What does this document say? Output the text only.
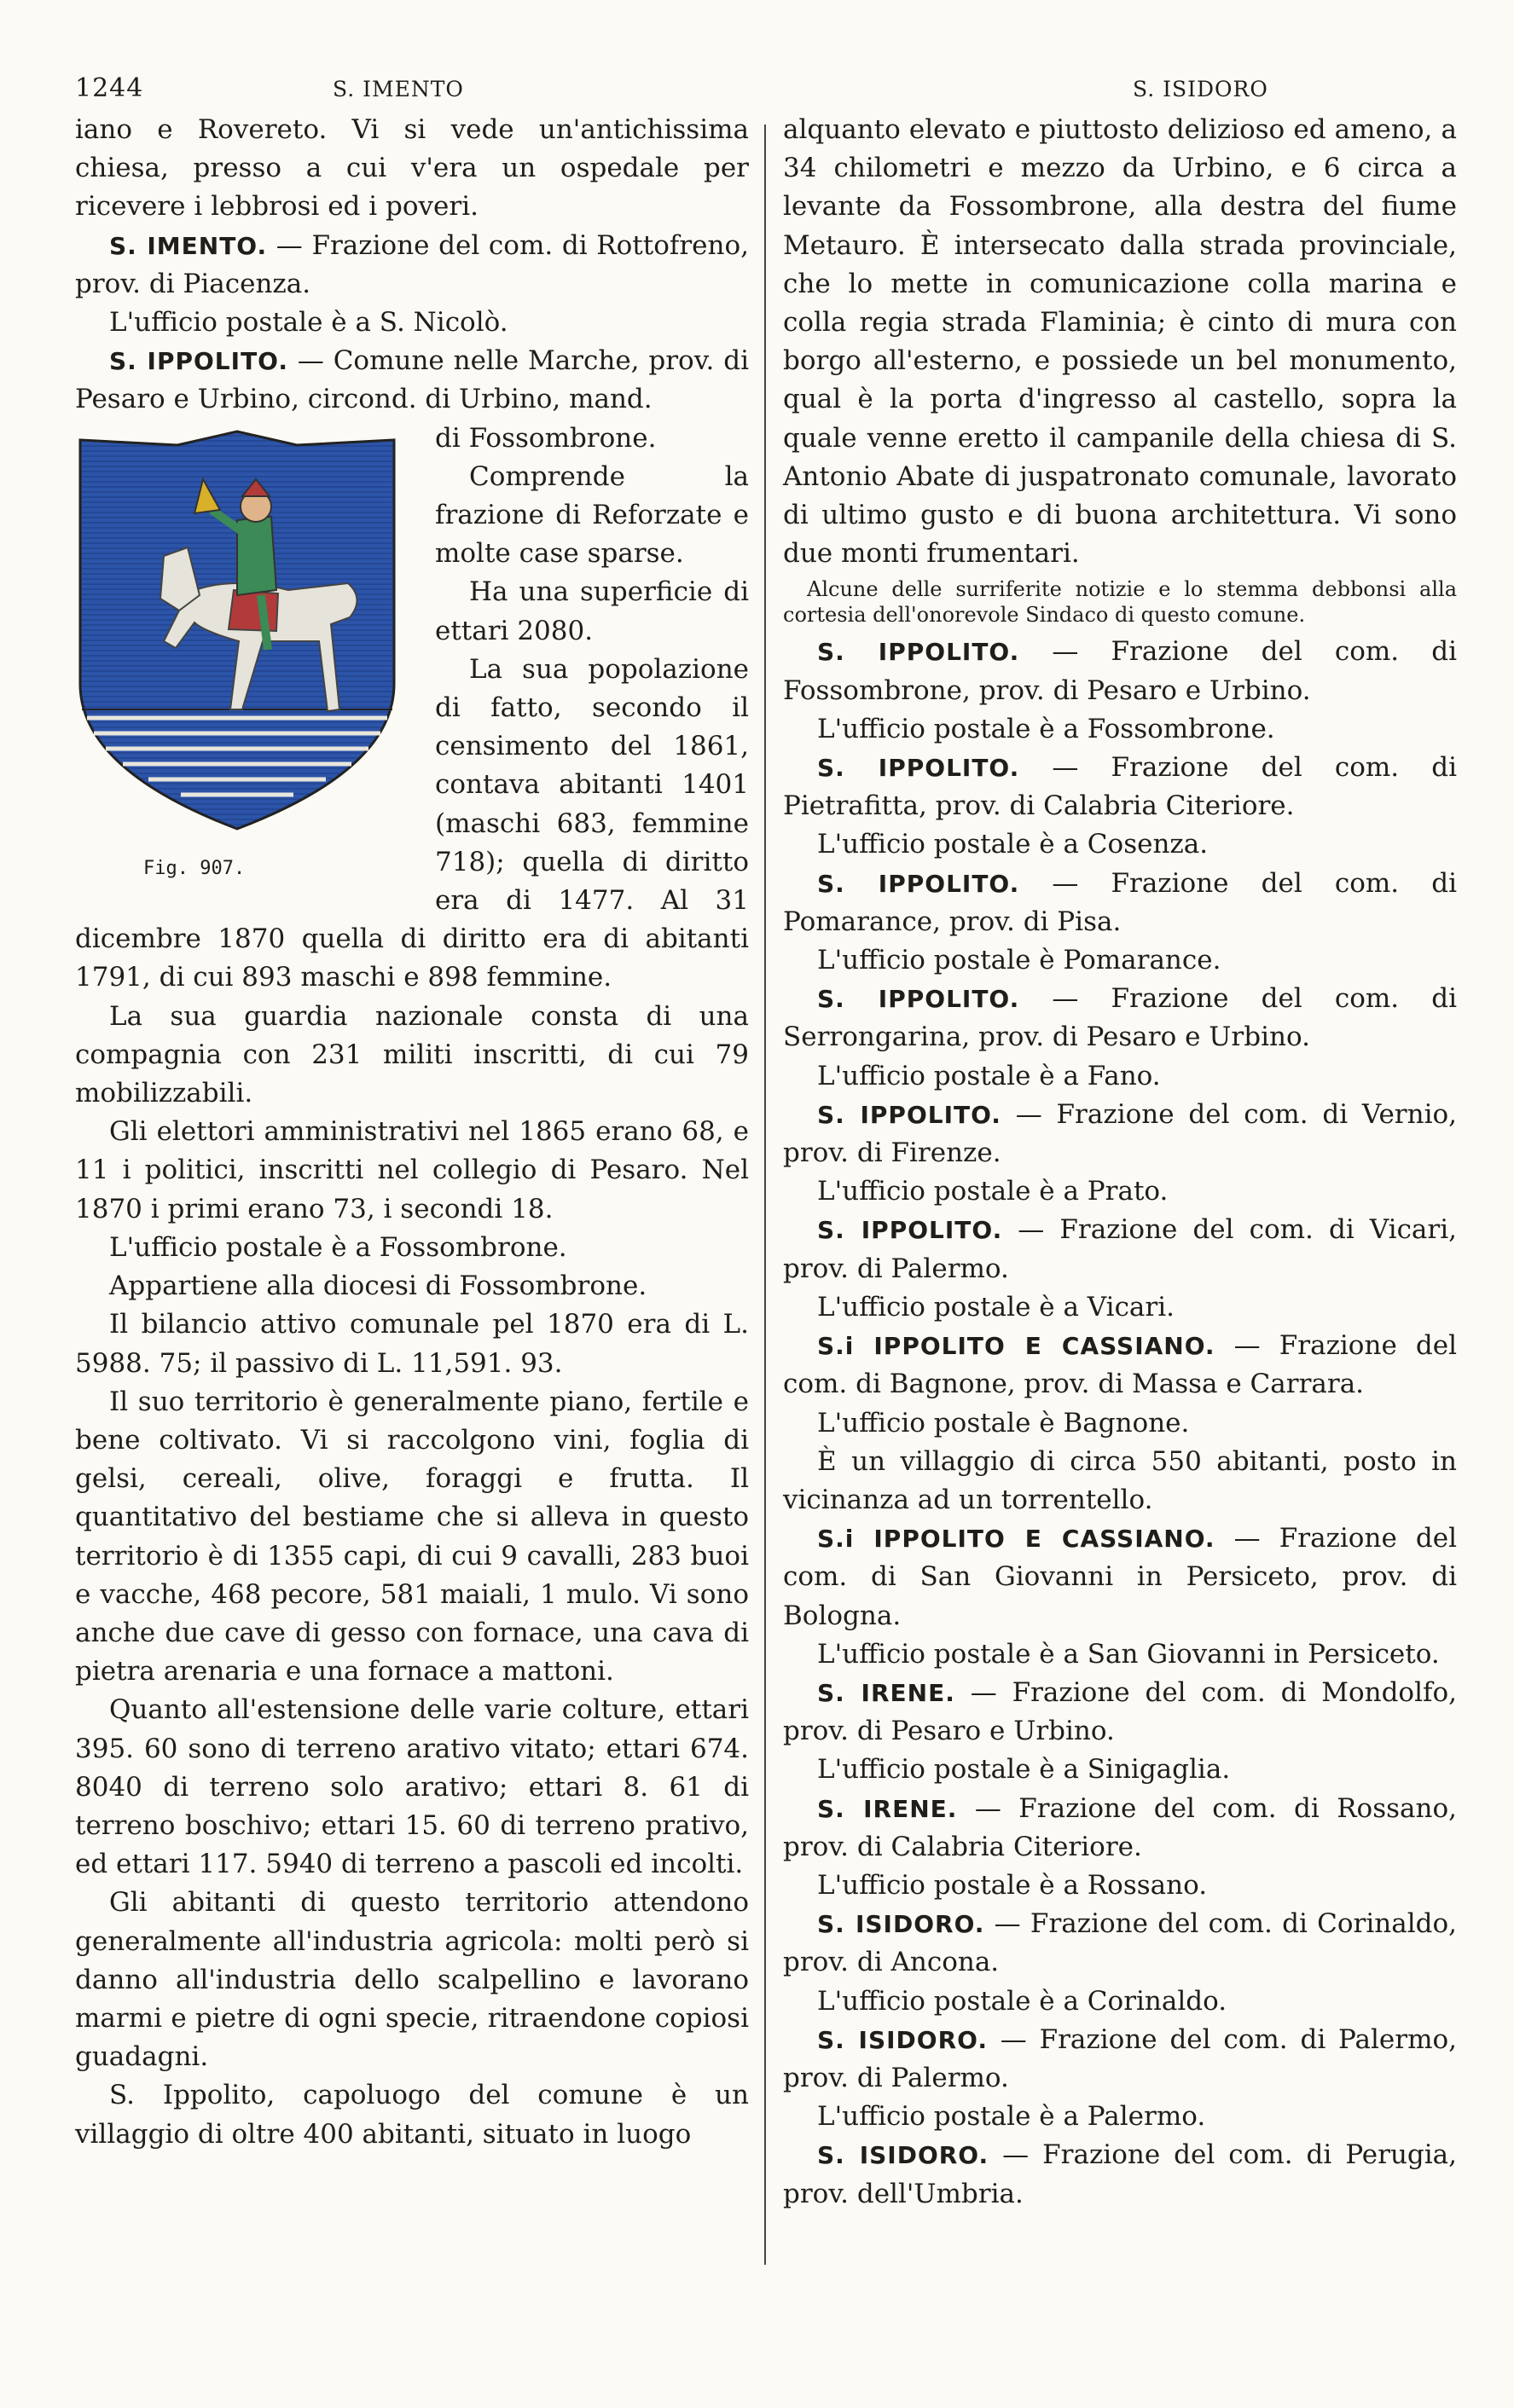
1244	S. IMENTO	S. ISIDORO

iano e Rovereto. Vi si vede un'antichissima chiesa, presso a cui v'era un ospedale per ricevere i lebbrosi ed i poveri.

S. IMENTO. — Frazione del com. di Rottofreno, prov. di Piacenza.

L'ufficio postale è a S. Nicolò.

S. IPPOLITO. — Comune nelle Marche, prov. di Pesaro e Urbino, circond. di Urbino, mand.

Fig. 907.

di Fossombrone.

Comprende la frazione di Reforzate e molte case sparse.

Ha una superficie di ettari 2080.

La sua popolazione di fatto, secondo il censimento del 1861, contava abitanti 1401 (maschi 683, femmine 718); quella di diritto era di 1477. Al 31 dicembre 1870 quella di diritto era di abitanti 1791, di cui 893 maschi e 898 femmine.

La sua guardia nazionale consta di una compagnia con 231 militi inscritti, di cui 79 mobilizzabili.

Gli elettori amministrativi nel 1865 erano 68, e 11 i politici, inscritti nel collegio di Pesaro. Nel 1870 i primi erano 73, i secondi 18.

L'ufficio postale è a Fossombrone.

Appartiene alla diocesi di Fossombrone.

Il bilancio attivo comunale pel 1870 era di L. 5988. 75; il passivo di L. 11,591. 93.

Il suo territorio è generalmente piano, fertile e bene coltivato. Vi si raccolgono vini, foglia di gelsi, cereali, olive, foraggi e frutta. Il quantitativo del bestiame che si alleva in questo territorio è di 1355 capi, di cui 9 cavalli, 283 buoi e vacche, 468 pecore, 581 maiali, 1 mulo. Vi sono anche due cave di gesso con fornace, una cava di pietra arenaria e una fornace a mattoni.

Quanto all'estensione delle varie colture, ettari 395. 60 sono di terreno arativo vitato; ettari 674. 8040 di terreno solo arativo; ettari 8. 61 di terreno boschivo; ettari 15. 60 di terreno prativo, ed ettari 117. 5940 di terreno a pascoli ed incolti.

Gli abitanti di questo territorio attendono generalmente all'industria agricola: molti però si danno all'industria dello scalpellino e lavorano marmi e pietre di ogni specie, ritraendone copiosi guadagni.

S. Ippolito, capoluogo del comune è un villaggio di oltre 400 abitanti, situato in luogo

alquanto elevato e piuttosto delizioso ed ameno, a 34 chilometri e mezzo da Urbino, e 6 circa a levante da Fossombrone, alla destra del fiume Metauro. È intersecato dalla strada provinciale, che lo mette in comunicazione colla marina e colla regia strada Flaminia; è cinto di mura con borgo all'esterno, e possiede un bel monumento, qual è la porta d'ingresso al castello, sopra la quale venne eretto il campanile della chiesa di S. Antonio Abate di juspatronato comunale, lavorato di ultimo gusto e di buona architettura. Vi sono due monti frumentari.

Alcune delle surriferite notizie e lo stemma debbonsi alla cortesia dell'onorevole Sindaco di questo comune.

S. IPPOLITO. — Frazione del com. di Fossombrone, prov. di Pesaro e Urbino.

L'ufficio postale è a Fossombrone.

S. IPPOLITO. — Frazione del com. di Pietrafitta, prov. di Calabria Citeriore.

L'ufficio postale è a Cosenza.

S. IPPOLITO. — Frazione del com. di Pomarance, prov. di Pisa.

L'ufficio postale è Pomarance.

S. IPPOLITO. — Frazione del com. di Serrongarina, prov. di Pesaro e Urbino.

L'ufficio postale è a Fano.

S. IPPOLITO. — Frazione del com. di Vernio, prov. di Firenze.

L'ufficio postale è a Prato.

S. IPPOLITO. — Frazione del com. di Vicari, prov. di Palermo.

L'ufficio postale è a Vicari.

S.i IPPOLITO E CASSIANO. — Frazione del com. di Bagnone, prov. di Massa e Carrara.

L'ufficio postale è Bagnone.

È un villaggio di circa 550 abitanti, posto in vicinanza ad un torrentello.

S.i IPPOLITO E CASSIANO. — Frazione del com. di San Giovanni in Persiceto, prov. di Bologna.

L'ufficio postale è a San Giovanni in Persiceto.

S. IRENE. — Frazione del com. di Mondolfo, prov. di Pesaro e Urbino.

L'ufficio postale è a Sinigaglia.

S. IRENE. — Frazione del com. di Rossano, prov. di Calabria Citeriore.

L'ufficio postale è a Rossano.

S. ISIDORO. — Frazione del com. di Corinaldo, prov. di Ancona.

L'ufficio postale è a Corinaldo.

S. ISIDORO. — Frazione del com. di Palermo, prov. di Palermo.

L'ufficio postale è a Palermo.

S. ISIDORO. — Frazione del com. di Perugia, prov. dell'Umbria.
